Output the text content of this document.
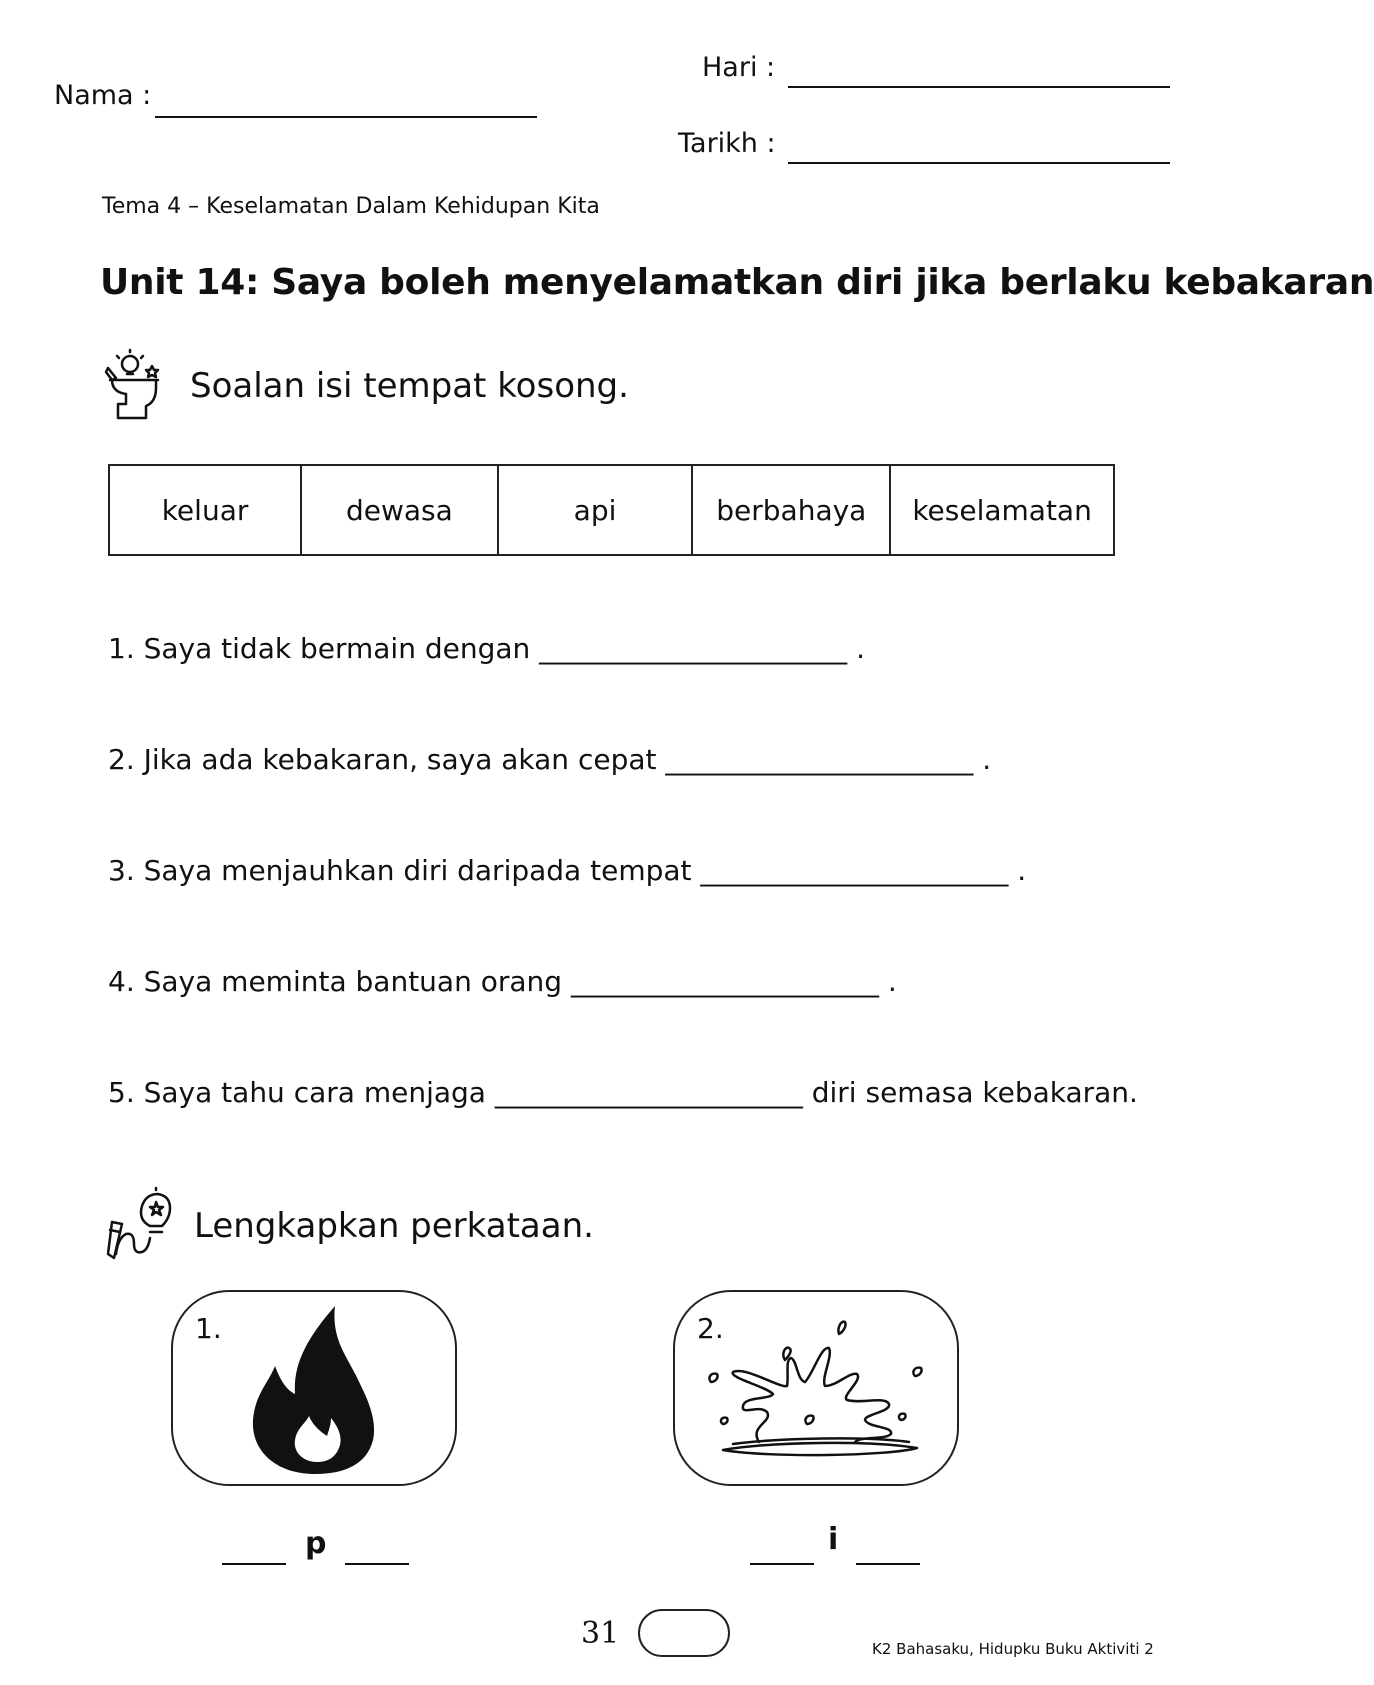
Nama :
Hari :
Tarikh :
Tema 4 – Keselamatan Dalam Kehidupan Kita
Unit 14: Saya boleh menyelamatkan diri jika berlaku kebakaran
Soalan isi tempat kosong.
keluar	dewasa	api	berbahaya	keselamatan
1. Saya tidak bermain dengan ______________________ .
2. Jika ada kebakaran, saya akan cepat ______________________ .
3. Saya menjauhkan diri daripada tempat ______________________ .
4. Saya meminta bantuan orang ______________________ .
5. Saya tahu cara menjaga ______________________ diri semasa kebakaran.
Lengkapkan perkataan.
1.
p
2.
i
31	K2 Bahasaku, Hidupku Buku Aktiviti 2
